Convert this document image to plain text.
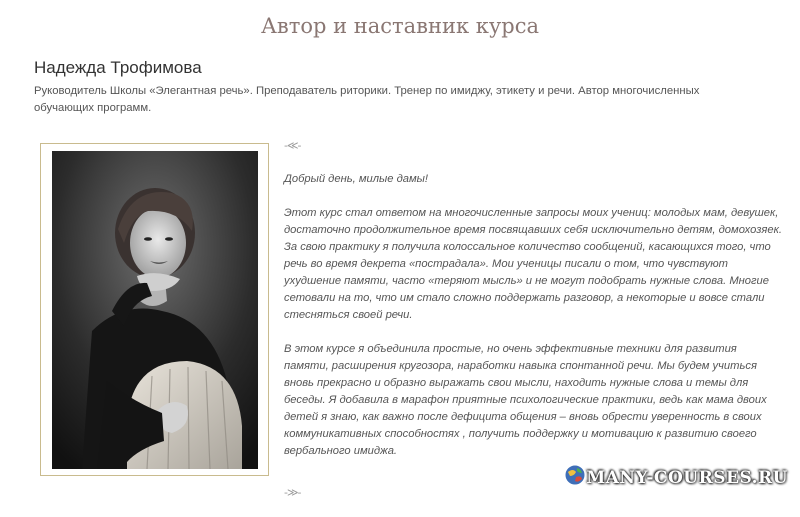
Автор и наставник курса
Надежда Трофимова

Руководитель Школы «Элегантная речь». Преподаватель риторики. Тренер по имиджу, этикету и речи. Автор многочисленных обучающих программ.

-≪-

Добрый день, милые дамы!

Этот курс стал ответом на многочисленные запросы моих учениц: молодых мам, девушек, достаточно продолжительное время посвящавших себя исключительно детям, домохозяек. За свою практику я получила колоссальное количество сообщений, касающихся того, что речь во время декрета «пострадала». Мои ученицы писали о том, что чувствуют ухудшение памяти, часто «теряют мысль» и не могут подобрать нужные слова. Многие сетовали на то, что им стало сложно поддержать разговор, а некоторые и вовсе стали стесняться своей речи.

В этом курсе я объединила простые, но очень эффективные техники для развития памяти, расширения кругозора, наработки навыка спонтанной речи. Мы будем учиться вновь прекрасно и образно выражать свои мысли, находить нужные слова и темы для беседы. Я добавила в марафон приятные психологические практики, ведь как мама двоих детей я знаю, как важно после дефицита общения – вновь обрести уверенность в своих коммуникативных способностях , получить поддержку и мотивацию к развитию своего вербального имиджа.

-≫-
MANY-COURSES.RU
